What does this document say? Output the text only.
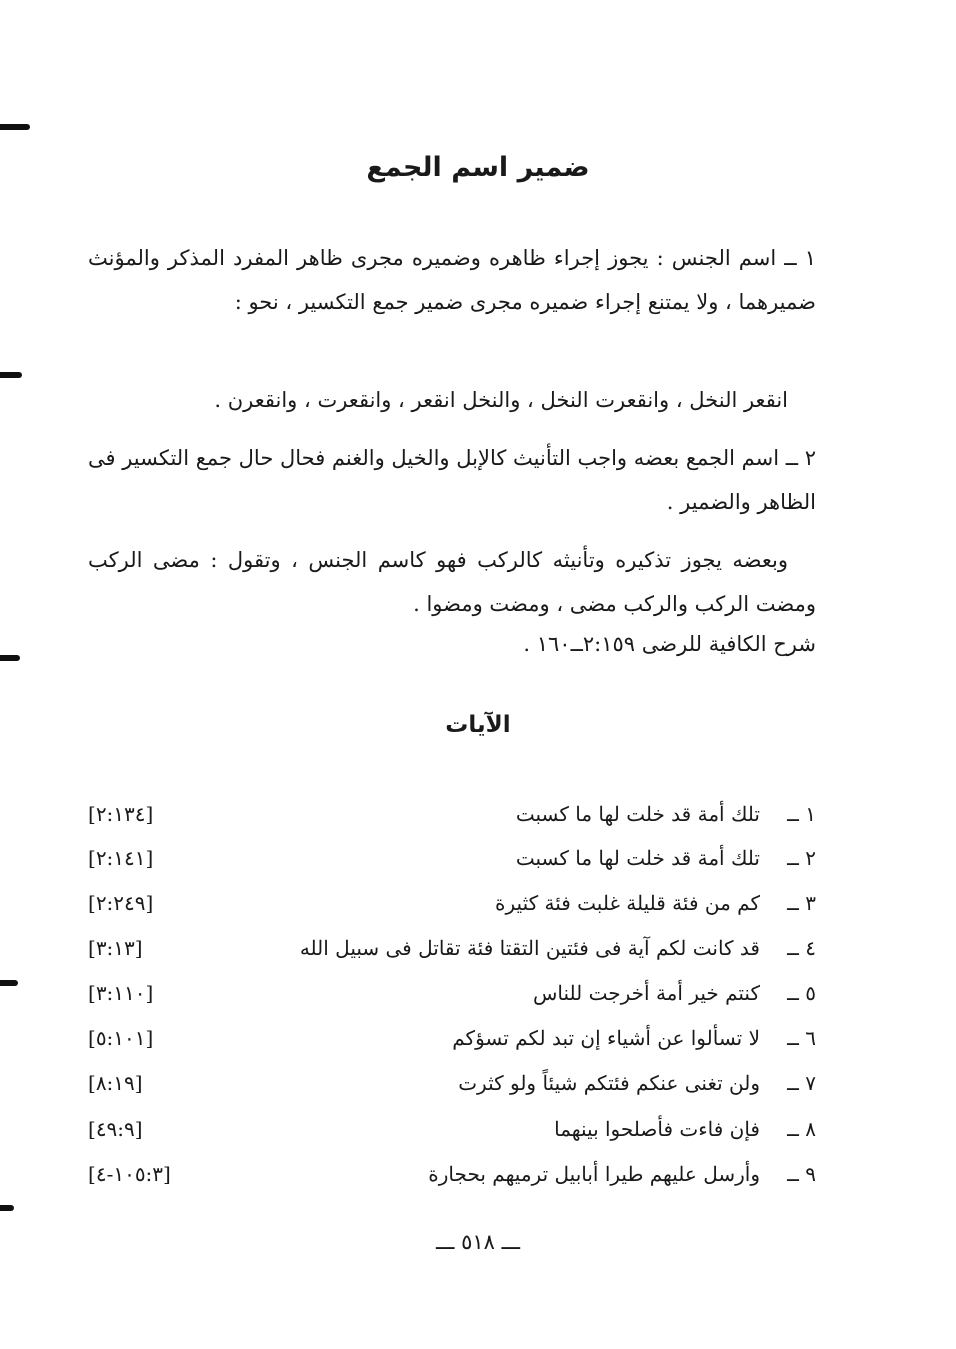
ضمير اسم الجمع

١ ــ اسم الجنس : يجوز إجراء ظاهره وضميره مجرى ظاهر المفرد المذكر والمؤنث ضميرهما ، ولا يمتنع إجراء ضميره مجرى ضمير جمع التكسير ، نحو :

انقعر النخل ، وانقعرت النخل ، والنخل انقعر ، وانقعرت ، وانقعرن .

٢ ــ اسم الجمع بعضه واجب التأنيث كالإبل والخيل والغنم فحال حال جمع التكسير فى الظاهر والضمير .

وبعضه يجوز تذكيره وتأنيثه كالركب فهو كاسم الجنس ، وتقول : مضى الركب ومضت الركب والركب مضى ، ومضت ومضوا .

شرح الكافية للرضى ٢:١٥٩ــ١٦٠ .

الآيات
١ ــ
تلك أمة قد خلت لها ما كسبت
[٢:١٣٤]
٢ ــ
تلك أمة قد خلت لها ما كسبت
[٢:١٤١]
٣ ــ
كم من فئة قليلة غلبت فئة كثيرة
[٢:٢٤٩]
٤ ــ
قد كانت لكم آية فى فئتين التقتا فئة تقاتل فى سبيل الله
[٣:١٣]
٥ ــ
كنتم خير أمة أخرجت للناس
[٣:١١٠]
٦ ــ
لا تسألوا عن أشياء إن تبد لكم تسؤكم
[٥:١٠١]
٧ ــ
ولن تغنى عنكم فئتكم شيئاً ولو كثرت
[٨:١٩]
٨ ــ
فإن فاءت فأصلحوا بينهما
[٤٩:٩]
٩ ــ
وأرسل عليهم طيرا أبابيل ترميهم بحجارة
[١٠٥:٣-٤]
ـــ ٥١٨ ـــ
